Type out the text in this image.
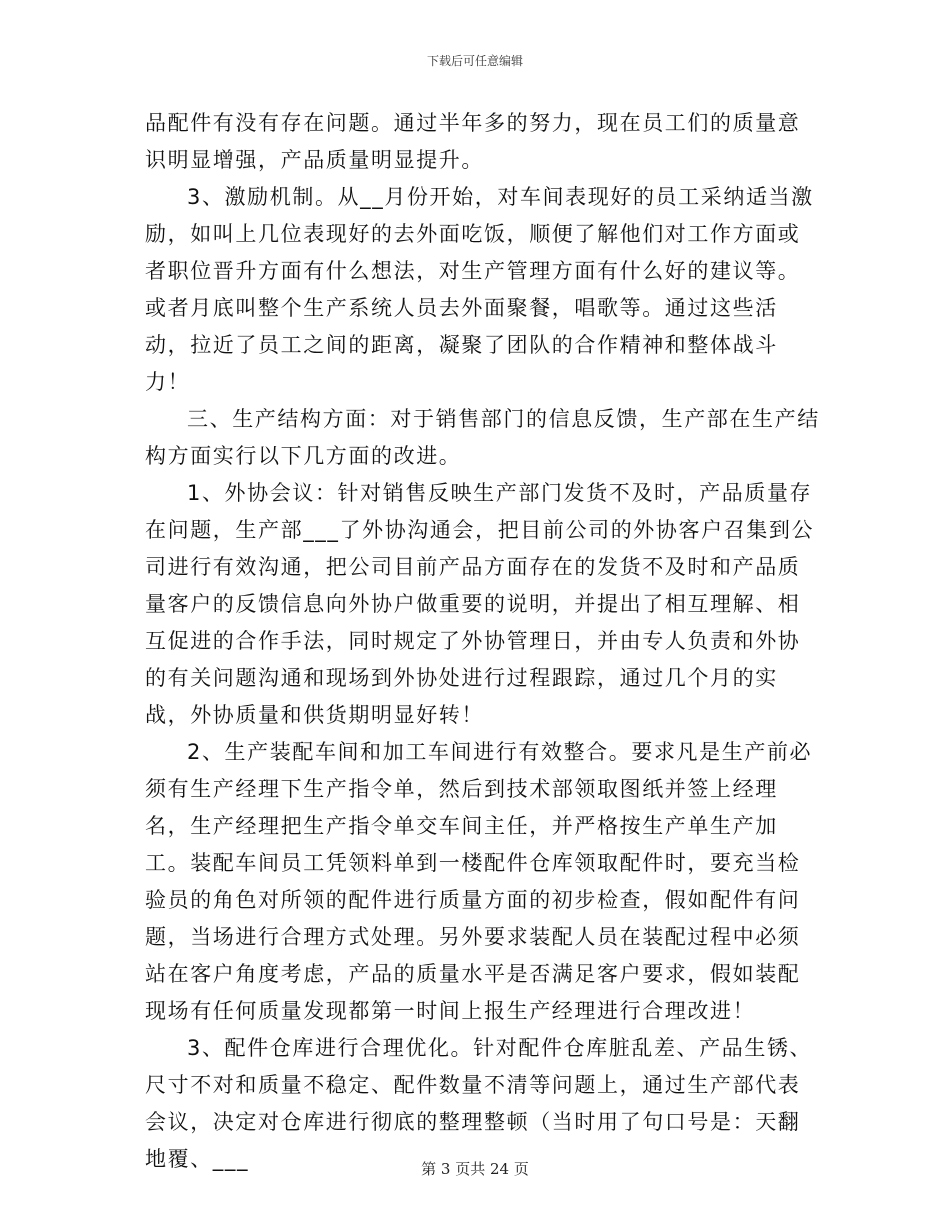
下载后可任意编辑

品配件有没有存在问题。通过半年多的努力，现在员工们的质量意识明显增强，产品质量明显提升。

3、激励机制。从__月份开始，对车间表现好的员工采纳适当激励，如叫上几位表现好的去外面吃饭，顺便了解他们对工作方面或者职位晋升方面有什么想法，对生产管理方面有什么好的建议等。或者月底叫整个生产系统人员去外面聚餐，唱歌等。通过这些活动，拉近了员工之间的距离，凝聚了团队的合作精神和整体战斗力！

三、生产结构方面：对于销售部门的信息反馈，生产部在生产结构方面实行以下几方面的改进。

1、外协会议：针对销售反映生产部门发货不及时，产品质量存在问题，生产部___了外协沟通会，把目前公司的外协客户召集到公司进行有效沟通，把公司目前产品方面存在的发货不及时和产品质量客户的反馈信息向外协户做重要的说明，并提出了相互理解、相互促进的合作手法，同时规定了外协管理日，并由专人负责和外协的有关问题沟通和现场到外协处进行过程跟踪，通过几个月的实战，外协质量和供货期明显好转！

2、生产装配车间和加工车间进行有效整合。要求凡是生产前必须有生产经理下生产指令单，然后到技术部领取图纸并签上经理名，生产经理把生产指令单交车间主任，并严格按生产单生产加工。装配车间员工凭领料单到一楼配件仓库领取配件时，要充当检验员的角色对所领的配件进行质量方面的初步检查，假如配件有问题，当场进行合理方式处理。另外要求装配人员在装配过程中必须站在客户角度考虑，产品的质量水平是否满足客户要求，假如装配现场有任何质量发现都第一时间上报生产经理进行合理改进！

3、配件仓库进行合理优化。针对配件仓库脏乱差、产品生锈、尺寸不对和质量不稳定、配件数量不清等问题上，通过生产部代表会议，决定对仓库进行彻底的整理整顿（当时用了句口号是：天翻地覆、___	第 3 页共 24 页
